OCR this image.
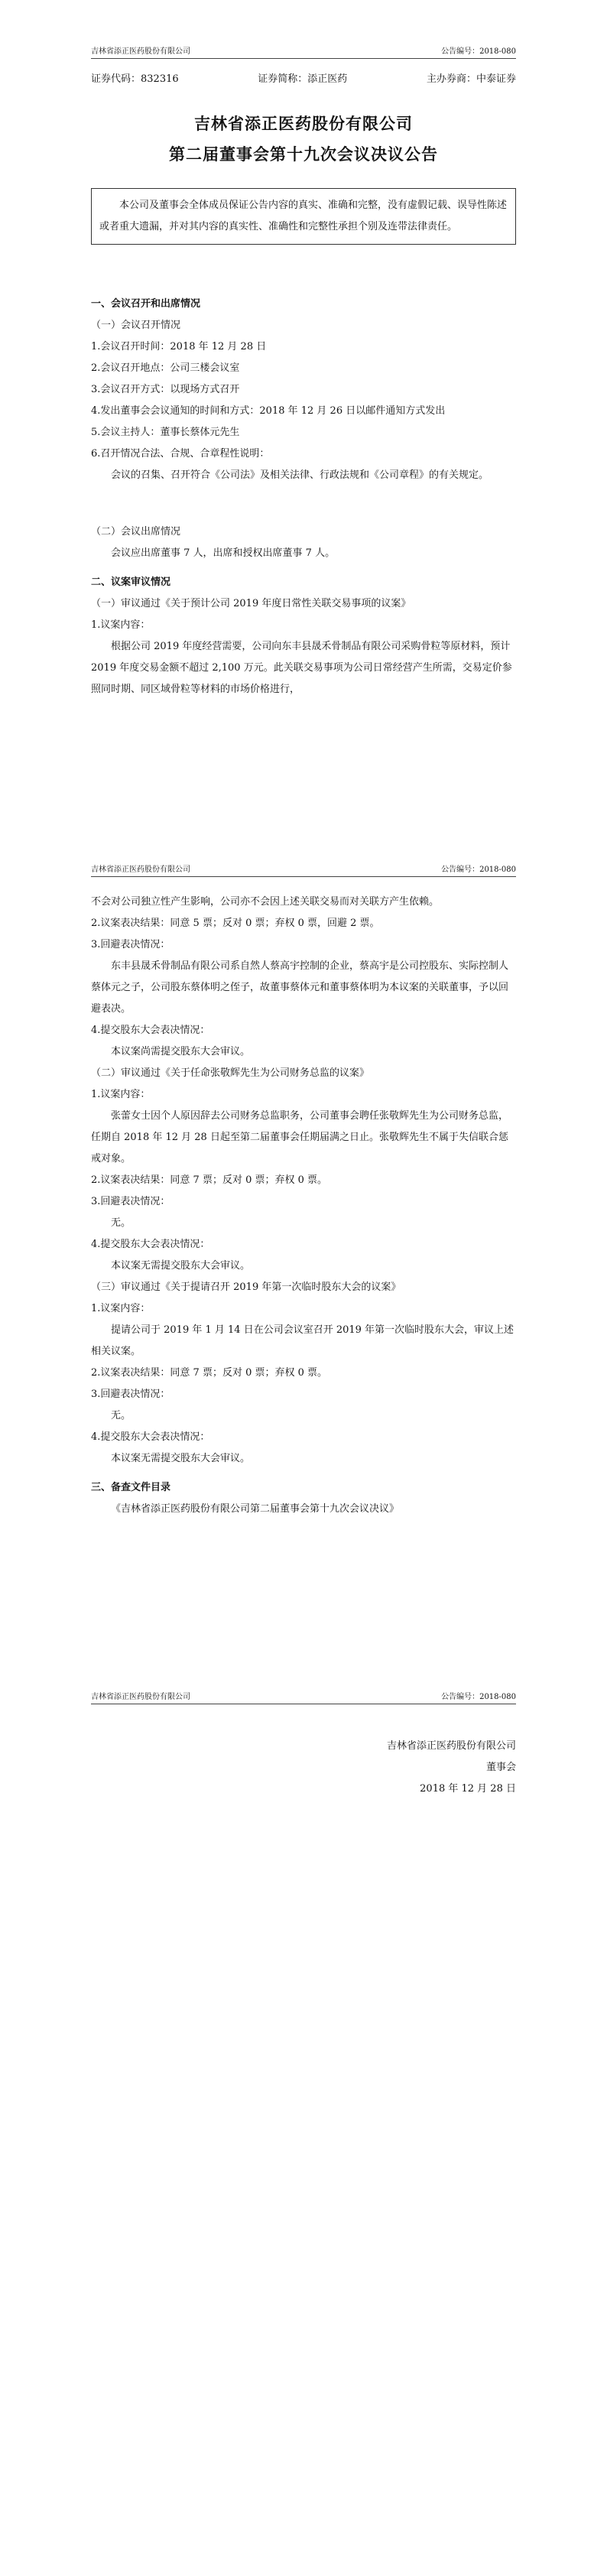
吉林省添正医药股份有限公司	公告编号：2018-080
证券代码：832316	证券简称：添正医药	主办券商：中泰证券
吉林省添正医药股份有限公司
第二届董事会第十九次会议决议公告
本公司及董事会全体成员保证公告内容的真实、准确和完整，没有虚假记载、误导性陈述或者重大遗漏，并对其内容的真实性、准确性和完整性承担个别及连带法律责任。
一、会议召开和出席情况
（一）会议召开情况
1.会议召开时间：2018 年 12 月 28 日
2.会议召开地点：公司三楼会议室
3.会议召开方式：以现场方式召开
4.发出董事会会议通知的时间和方式：2018 年 12 月 26 日以邮件通知方式发出
5.会议主持人：董事长蔡体元先生
6.召开情况合法、合规、合章程性说明：
会议的召集、召开符合《公司法》及相关法律、行政法规和《公司章程》的有关规定。
（二）会议出席情况
会议应出席董事 7 人，出席和授权出席董事 7 人。
二、议案审议情况
（一）审议通过《关于预计公司 2019 年度日常性关联交易事项的议案》
1.议案内容：
根据公司 2019 年度经营需要，公司向东丰县晟禾骨制品有限公司采购骨粒等原材料，预计 2019 年度交易金额不超过 2,100 万元。此关联交易事项为公司日常经营产生所需，交易定价参照同时期、同区域骨粒等材料的市场价格进行，
吉林省添正医药股份有限公司	公告编号：2018-080
不会对公司独立性产生影响，公司亦不会因上述关联交易而对关联方产生依赖。
2.议案表决结果：同意 5 票；反对 0 票；弃权 0 票，回避 2 票。
3.回避表决情况：
东丰县晟禾骨制品有限公司系自然人蔡高宇控制的企业，蔡高宇是公司控股东、实际控制人蔡体元之子，公司股东蔡体明之侄子，故董事蔡体元和董事蔡体明为本议案的关联董事，予以回避表决。
4.提交股东大会表决情况：
本议案尚需提交股东大会审议。
（二）审议通过《关于任命张敬辉先生为公司财务总监的议案》
1.议案内容：
张蕾女士因个人原因辞去公司财务总监职务，公司董事会聘任张敬辉先生为公司财务总监，任期自 2018 年 12 月 28 日起至第二届董事会任期届满之日止。张敬辉先生不属于失信联合惩戒对象。
2.议案表决结果：同意 7 票；反对 0 票；弃权 0 票。
3.回避表决情况：
无。
4.提交股东大会表决情况：
本议案无需提交股东大会审议。
（三）审议通过《关于提请召开 2019 年第一次临时股东大会的议案》
1.议案内容：
提请公司于 2019 年 1 月 14 日在公司会议室召开 2019 年第一次临时股东大会，审议上述相关议案。
2.议案表决结果：同意 7 票；反对 0 票；弃权 0 票。
3.回避表决情况：
无。
4.提交股东大会表决情况：
本议案无需提交股东大会审议。
三、备查文件目录
《吉林省添正医药股份有限公司第二届董事会第十九次会议决议》
吉林省添正医药股份有限公司	公告编号：2018-080
吉林省添正医药股份有限公司
董事会
2018 年 12 月 28 日
